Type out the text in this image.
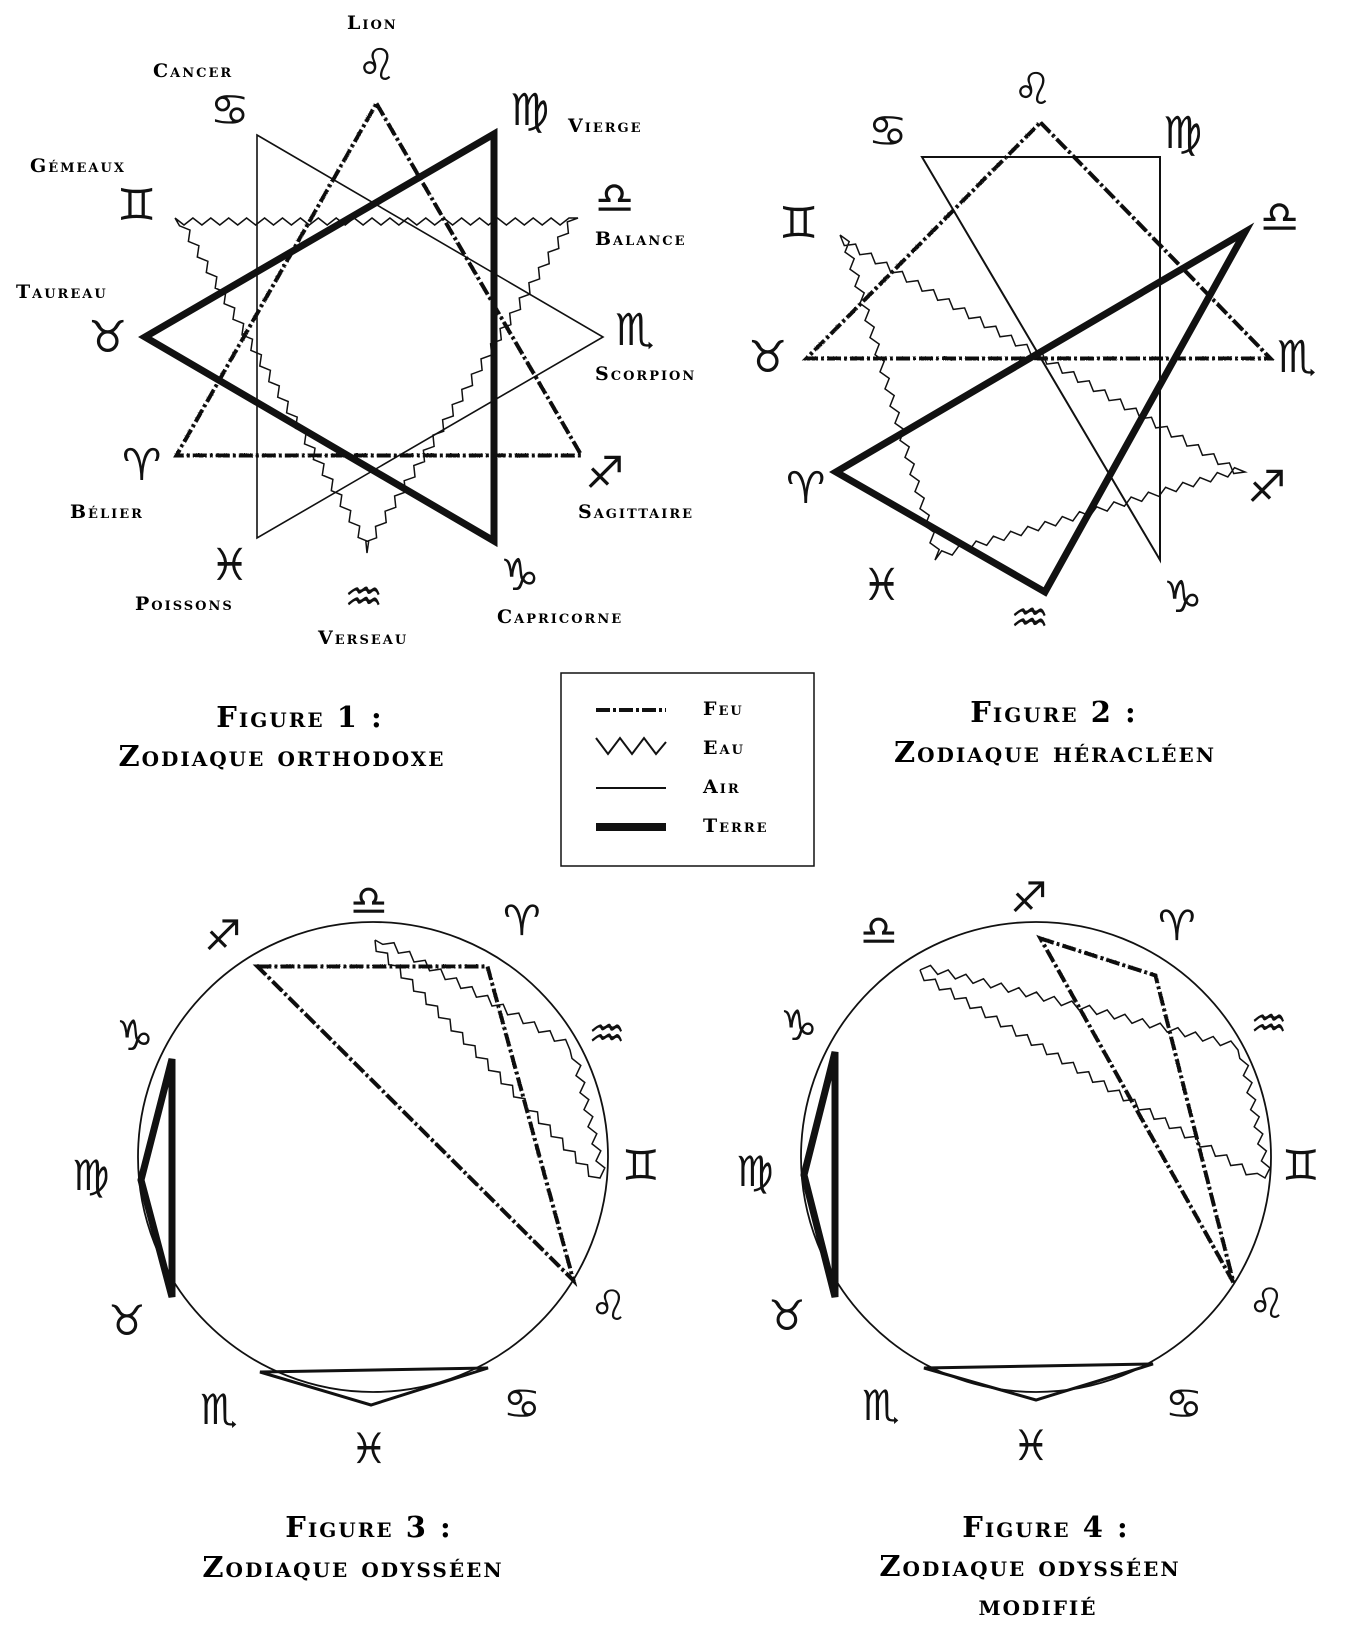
♌
♋	♍
♊	♎
♉	♏
♈	♐
♓
♒	♑
Lion
Cancer
Vierge
Gémeaux
Balance
Taureau
Scorpion
Bélier	Sagittaire
Poissons
Verseau
Capricorne
Figure 1 :
Zodiaque orthodoxe
♌
♋	♍
♊	♎
♉	♏
♈	♐
♓
♒	♑
Figure 2 :
Zodiaque héracléen
Feu
Eau
Air
Terre
♎
♐	♈
♑	♒
♍	♊
♉	♌
♏	♋
♓
Figure 3 :
Zodiaque odysséen
♐
♎	♈
♑	♒
♍	♊
♉	♌
♏	♋
♓
Figure 4 :
Zodiaque odysséen
modifié
